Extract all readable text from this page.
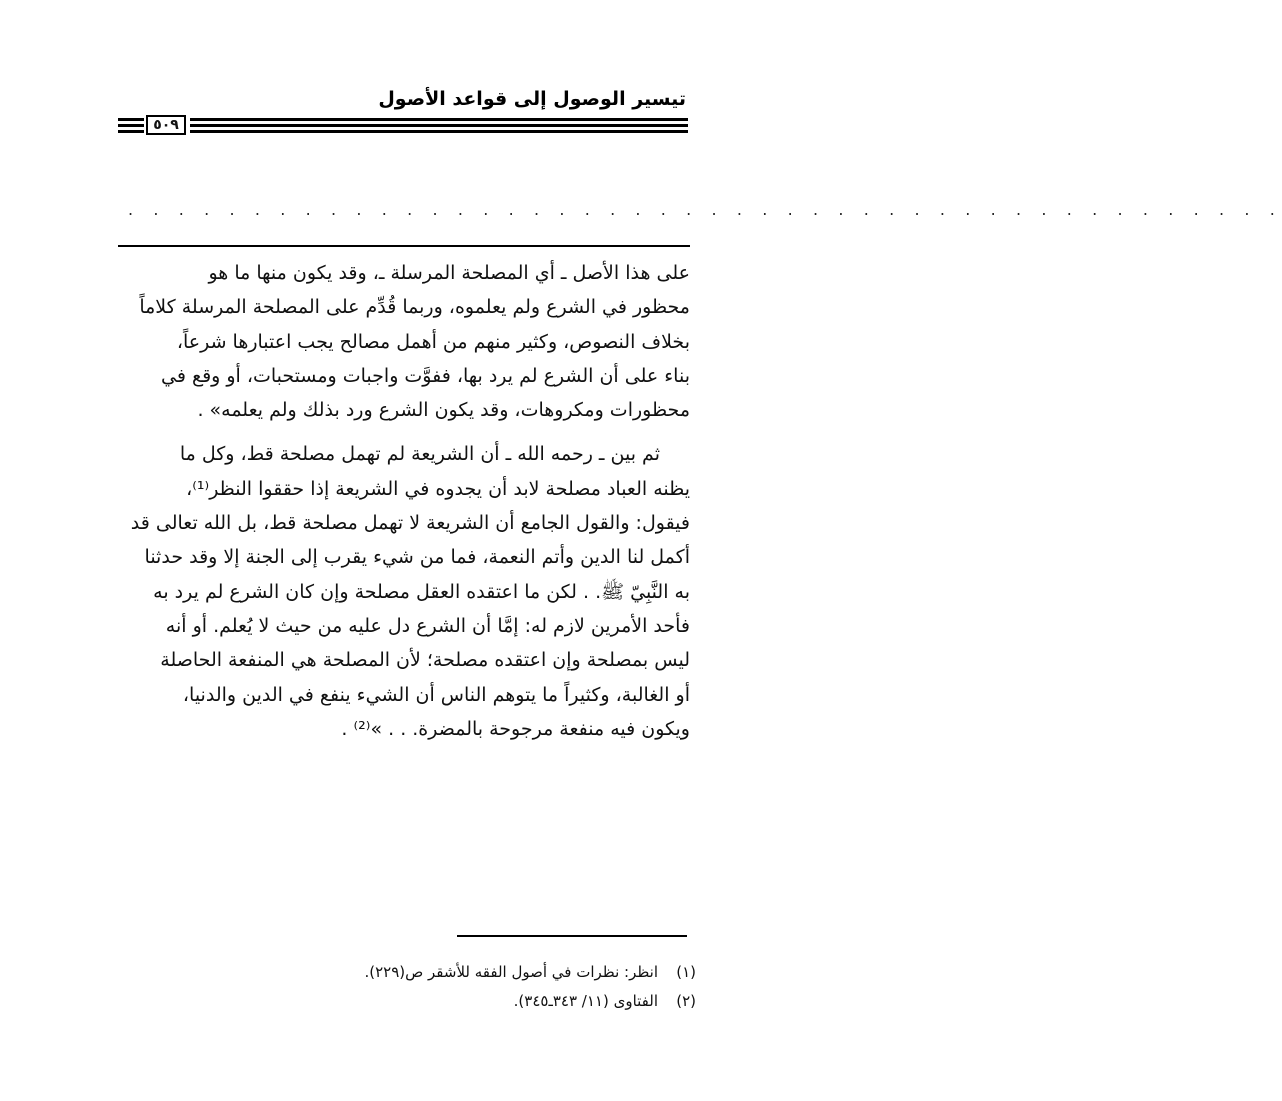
تيسير الوصول إلى قواعد الأصول
٥٠٩
. . . . . . . . . . . . . . . . . . . . . . . . . . . . . . . . . . . . . . . . . . . . . .

على هذا الأصل ـ أي المصلحة المرسلة ـ، وقد يكون منها ما هو
محظور في الشرع ولم يعلموه، وربما قُدِّم على المصلحة المرسلة كلاماً
بخلاف النصوص، وكثير منهم من أهمل مصالح يجب اعتبارها شرعاً،
بناء على أن الشرع لم يرد بها، ففوَّت واجبات ومستحبات، أو وقع في
محظورات ومكروهات، وقد يكون الشرع ورد بذلك ولم يعلمه» .

ثم بين ـ رحمه الله ـ أن الشريعة لم تهمل مصلحة قط، وكل ما
يظنه العباد مصلحة لابد أن يجدوه في الشريعة إذا حققوا النظر⁽¹⁾،
فيقول: والقول الجامع أن الشريعة لا تهمل مصلحة قط، بل الله تعالى قد
أكمل لنا الدين وأتم النعمة، فما من شيء يقرب إلى الجنة إلا وقد حدثنا
به النَّبِيّ ﷺ. . لكن ما اعتقده العقل مصلحة وإن كان الشرع لم يرد به
فأحد الأمرين لازم له: إمَّا أن الشرع دل عليه من حيث لا يُعلم. أو أنه
ليس بمصلحة وإن اعتقده مصلحة؛ لأن المصلحة هي المنفعة الحاصلة
أو الغالبة، وكثيراً ما يتوهم الناس أن الشيء ينفع في الدين والدنيا،
ويكون فيه منفعة مرجوحة بالمضرة. . . »⁽²⁾ .

(١)
انظر: نظرات في أصول الفقه للأشقر ص(٢٢٩).
(٢)
الفتاوى (١١/ ٣٤٣ـ٣٤٥).
